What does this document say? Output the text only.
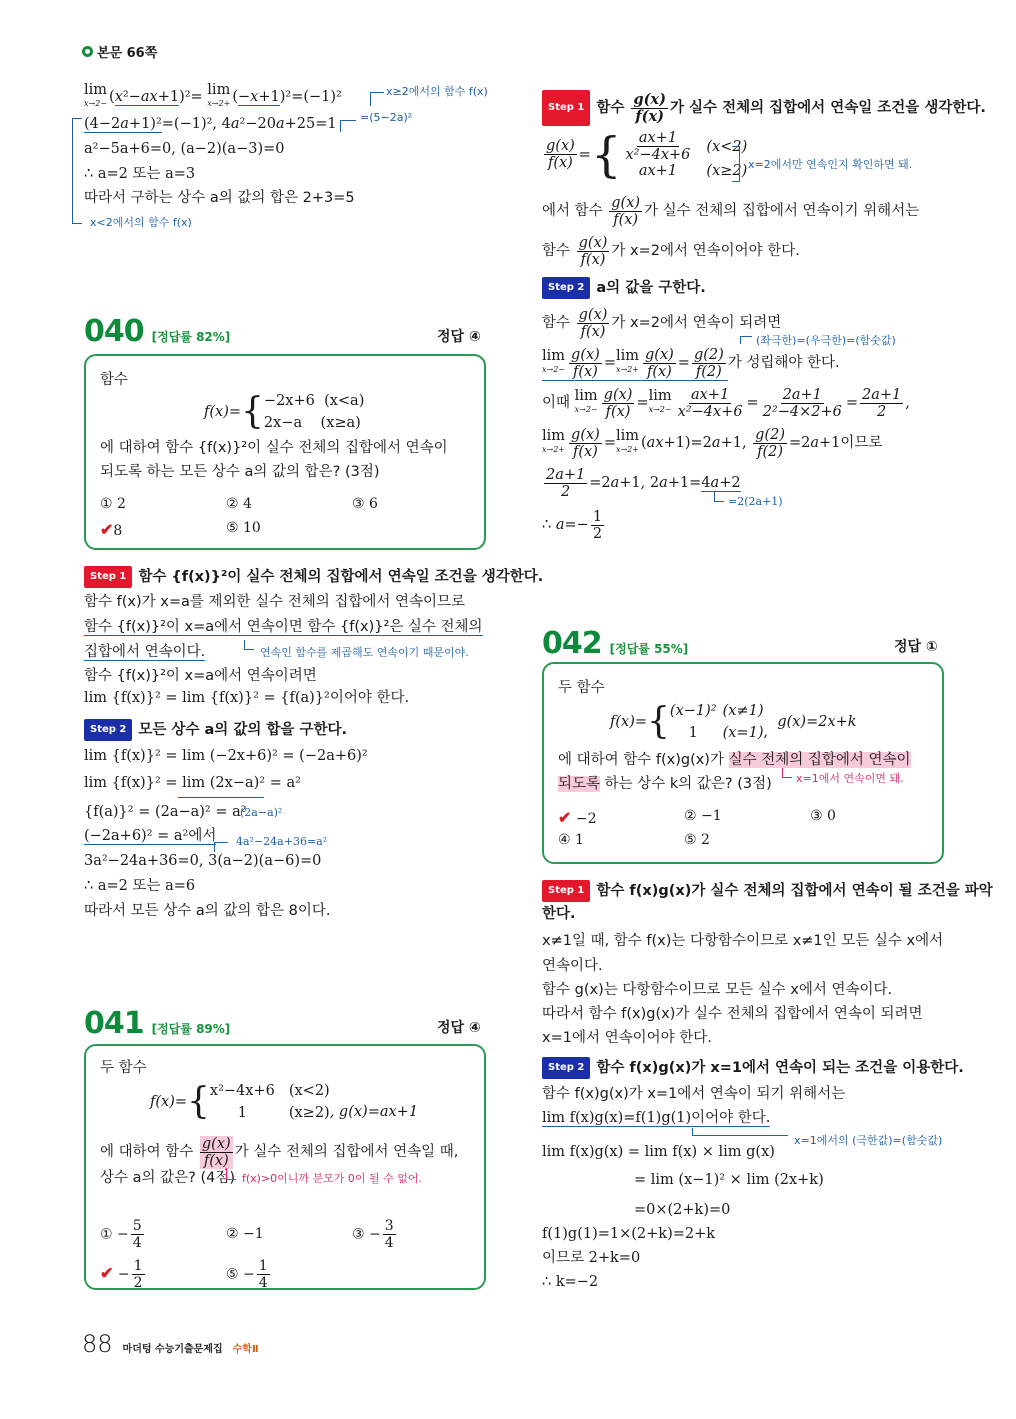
본문 66쪽
lim
x→2− (x²−ax+1)²= lim
x→2+ (−x+1)²=(−1)²	x≥2에서의 함수 f(x)
(4−2a+1)²=(−1)², 4a²−20a+25=1 =(5−2a)²
a²−5a+6=0, (a−2)(a−3)=0
∴ a=2 또는 a=3
따라서 구하는 상수 a의 값의 합은 2+3=5
x<2에서의 함수 f(x)
040 [정답률 82%]	정답 ④
함수
f(x)= { −2x+6  (x<a)
2x−a    (x≥a)
에 대하여 함수 {f(x)}²이 실수 전체의 집합에서 연속이
되도록 하는 모든 상수 a의 값의 합은? (3점)
① 2	② 4	③ 6
✔8	⑤ 10
Step 1 함수 {f(x)}²이 실수 전체의 집합에서 연속일 조건을 생각한다.
함수 f(x)가 x=a를 제외한 실수 전체의 집합에서 연속이므로
함수 {f(x)}²이 x=a에서 연속이면 함수 {f(x)}²은 실수 전체의
집합에서 연속이다.	연속인 함수를 제곱해도 연속이기 때문이야.
함수 {f(x)}²이 x=a에서 연속이려면
lim {f(x)}² = lim {f(x)}² = {f(a)}²이어야 한다.
Step 2 모든 상수 a의 값의 합을 구한다.
lim {f(x)}² = lim (−2x+6)² = (−2a+6)²
lim {f(x)}² = lim (2x−a)² = a²
{f(a)}² = (2a−a)² = a²
(2a−a)²
(−2a+6)² = a²에서 4a²−24a+36=a²
3a²−24a+36=0, 3(a−2)(a−6)=0
∴ a=2 또는 a=6
따라서 모든 상수 a의 값의 합은 8이다.
041 [정답률 89%]	정답 ④
두 함수
f(x)= { x²−4x+6 (x<2)
1	(x≥2) , g(x)=ax+1
에 대하여 함수 $\frac{g(x)}{f(x)}$ 가 실수 전체의 집합에서 연속일 때,
상수 a의 값은? (4점) f(x)>0이니까 분모가 0이 될 수 없어.
① − $\frac{5}{4}$	② −1	③ − $\frac{3}{4}$
✔ − $\frac{1}{2}$	⑤ − $\frac{1}{4}$
Step 1 함수 $\frac{g(x)}{f(x)}$ 가 실수 전체의 집합에서 연속일 조건을 생각한다.
$\frac{g(x)}{f(x)}$ = { $\frac{ax+1}{\text{x²−4x+6}} (x<2)$
ax+1	(x≥2) x=2에서만 연속인지 확인하면 돼.
에서 함수 $\frac{g(x)}{f(x)}$ 가 실수 전체의 집합에서 연속이기 위해서는
함수 $\frac{g(x)}{f(x)}$ 가 x=2에서 연속이어야 한다.
Step 2 a의 값을 구한다.
함수 $\frac{g(x)}{f(x)}$ 가 x=2에서 연속이 되려면
(좌극한)=(우극한)=(함숫값)
lim
$x\to 2- \frac{g(x)}{f(x)} = \lim$
$x\to 2+ \frac{g(x)}{f(x)} = \frac{g(2)}{f(2)}$ 가 성립해야 한다.
이때 lim
$x\to 2- \frac{g(x)}{f(x)} = \lim$
$x\to 2- \frac{ax+1}{\text{x²−4x+6}} = \frac{2a+1}{\text{2²−4×2+6}} = \frac{2a+1}{2}$ ,
lim
$x\to 2+ \frac{g(x)}{f(x)} = \lim$
x→2+ (ax+1)=2a+1, $\frac{g(2)}{f(2)} =2a+1$이므로
$\frac{2a+1}{2} =2a+1$, 2a+1=4a+2
=2(2a+1)
∴ $a=- \frac{1}{2}$
042 [정답률 55%]	정답 ①
두 함수
f(x)= { (x−1)² (x≠1)
1	(x=1) ,
g(x)=2x+k
에 대하여 함수 f(x)g(x)가 실수 전체의 집합에서 연속이
되도록 하는 상수 k의 값은? (3점) x=1에서 연속이면 돼.
✔ −2	② −1	③ 0
④ 1	⑤ 2
Step 1 함수 f(x)g(x)가 실수 전체의 집합에서 연속이 될 조건을 파악
한다.
x≠1일 때, 함수 f(x)는 다항함수이므로 x≠1인 모든 실수 x에서
연속이다.
함수 g(x)는 다항함수이므로 모든 실수 x에서 연속이다.
따라서 함수 f(x)g(x)가 실수 전체의 집합에서 연속이 되려면
x=1에서 연속이어야 한다.
Step 2 함수 f(x)g(x)가 x=1에서 연속이 되는 조건을 이용한다.
함수 f(x)g(x)가 x=1에서 연속이 되기 위해서는
lim f(x)g(x)=f(1)g(1)이어야 한다.
x=1에서의 (극한값)=(함숫값)
lim f(x)g(x) = lim f(x) × lim g(x)
= lim (x−1)² × lim (2x+k)
=0×(2+k)=0
f(1)g(1)=1×(2+k)=2+k
이므로 2+k=0
∴ k=−2
88 마더텅 수능기출문제집 수학Ⅱ
